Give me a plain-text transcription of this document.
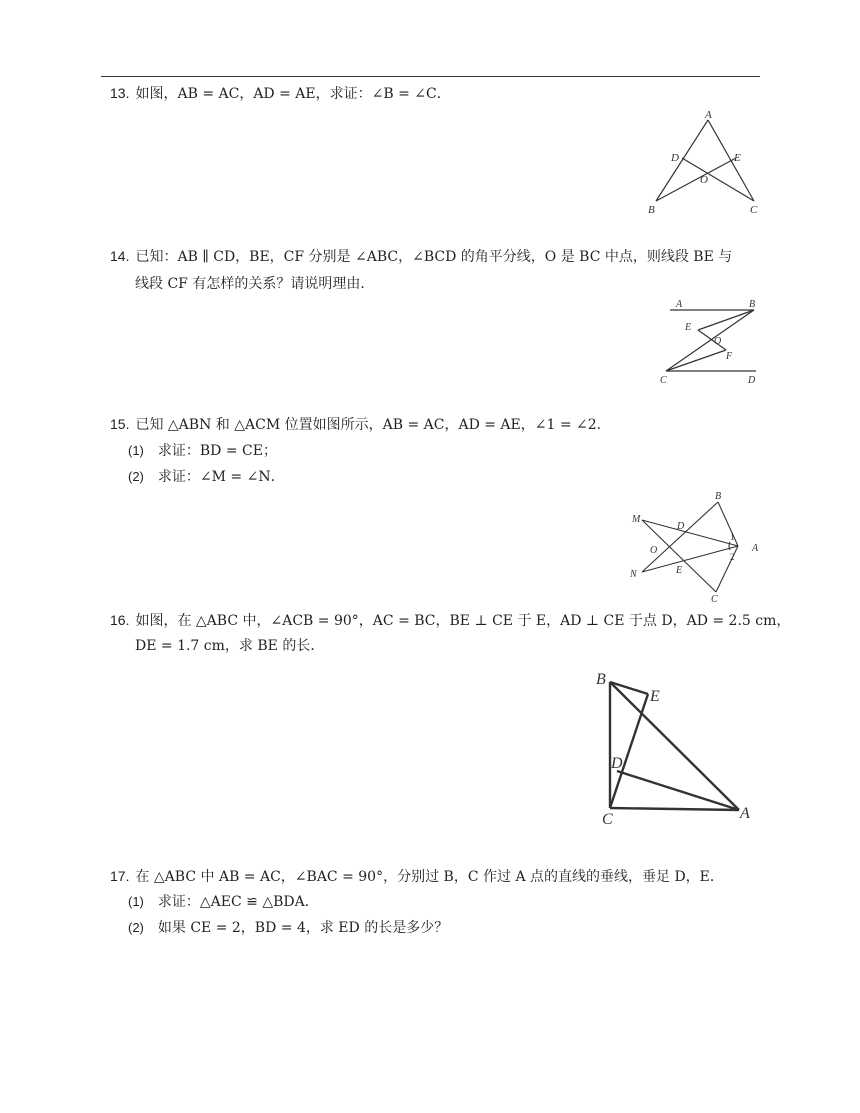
13. 如图，AB = AC，AD = AE，求证：∠B = ∠C．
A
D	E
O
B	C
14. 已知：AB ∥ CD，BE，CF 分别是 ∠ABC，∠BCD 的角平分线，O 是 BC 中点，则线段 BE 与
线段 CF 有怎样的关系？请说明理由．
A	B
E
O
F
C	D
15. 已知 △ABN 和 △ACM 位置如图所示，AB = AC，AD = AE，∠1 = ∠2．
(1) 求证：BD = CE；
(2) 求证：∠M = ∠N．
B
M
D
1
A
2
O
N	E
C
16. 如图，在 △ABC 中，∠ACB = 90°，AC = BC，BE ⊥ CE 于 E，AD ⊥ CE 于点 D，AD = 2.5 cm，
DE = 1.7 cm，求 BE 的长．
B
E
D
C	A
17. 在 △ABC 中 AB = AC，∠BAC = 90°，分别过 B，C 作过 A 点的直线的垂线，垂足 D，E．
(1) 求证：△AEC ≌ △BDA．
(2) 如果 CE = 2，BD = 4，求 ED 的长是多少？
